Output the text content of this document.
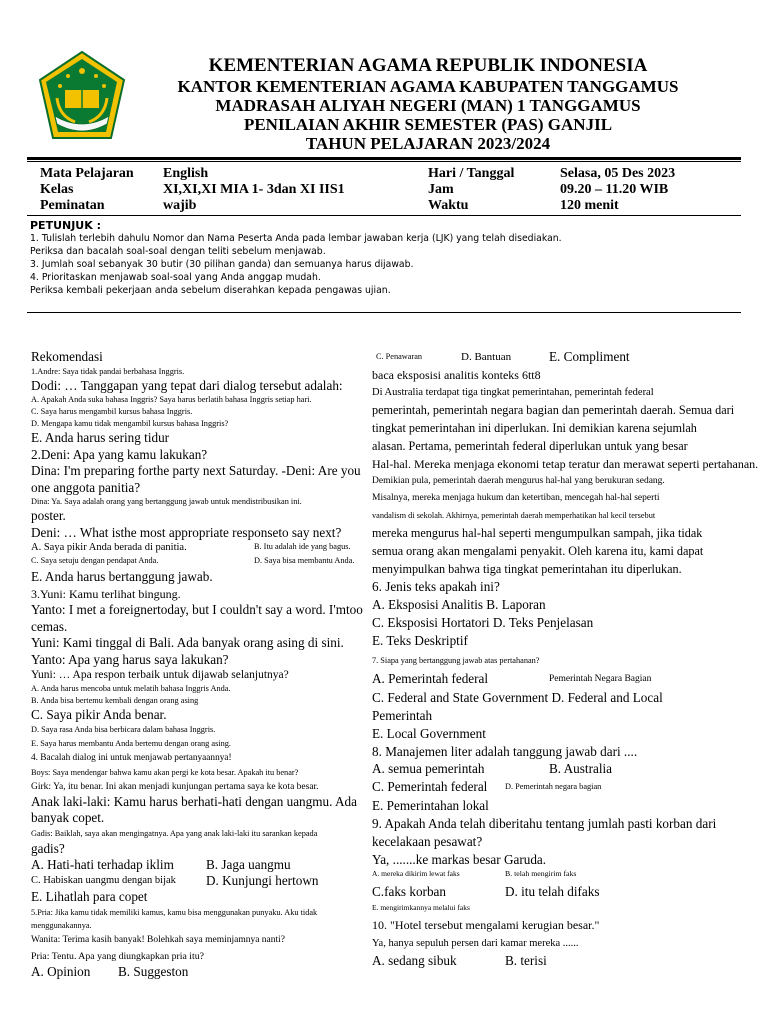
KEMENTERIAN AGAMA REPUBLIK INDONESIA
KANTOR KEMENTERIAN AGAMA KABUPATEN TANGGAMUS
MADRASAH ALIYAH NEGERI (MAN) 1 TANGGAMUS
PENILAIAN AKHIR SEMESTER (PAS) GANJIL
TAHUN PELAJARAN 2023/2024
Mata Pelajaran English	Hari / Tanggal	Selasa, 05 Des 2023
Kelas	XI,XI,XI MIA 1- 3dan XI IIS1	Jam	09.20 – 11.20 WIB
Peminatan	wajib	Waktu	120 menit
PETUNJUK :
1. Tulislah terlebih dahulu Nomor dan Nama Peserta Anda pada lembar jawaban kerja (LJK) yang telah disediakan.
Periksa dan bacalah soal-soal dengan teliti sebelum menjawab.
3. Jumlah soal sebanyak 30 butir (30 pilihan ganda) dan semuanya harus dijawab.
4. Prioritaskan menjawab soal-soal yang Anda anggap mudah.
Periksa kembali pekerjaan anda sebelum diserahkan kepada pengawas ujian.
Rekomendasi
1.Andre: Saya tidak pandai berbahasa Inggris.
Dodi: … Tanggapan yang tepat dari dialog tersebut adalah:
A. Apakah Anda suka bahasa Inggris? Saya harus berlatih bahasa Inggris setiap hari.
C. Saya harus mengambil kursus bahasa Inggris.
D. Mengapa kamu tidak mengambil kursus bahasa Inggris?
E. Anda harus sering tidur
2.Deni: Apa yang kamu lakukan?
Dina: I'm preparing forthe party next Saturday. -Deni: Are you one anggota panitia?
Dina: Ya. Saya adalah orang yang bertanggung jawab untuk mendistribusikan ini.
poster.
Deni: … What isthe most appropriate responseto say next?
A. Saya pikir Anda berada di panitia.	B. Itu adalah ide yang bagus.
C. Saya setuju dengan pendapat Anda.	D. Saya bisa membantu Anda.
E. Anda harus bertanggung jawab.
3.Yuni: Kamu terlihat bingung.
Yanto: I met a foreignertoday, but I couldn't say a word. I'mtoo cemas.
Yuni: Kami tinggal di Bali. Ada banyak orang asing di sini.
Yanto: Apa yang harus saya lakukan?
Yuni: … Apa respon terbaik untuk dijawab selanjutnya?
A. Anda harus mencoba untuk melatih bahasa Inggris Anda.
B. Anda bisa bertemu kembali dengan orang asing
C. Saya pikir Anda benar.
D. Saya rasa Anda bisa berbicara dalam bahasa Inggris.
E. Saya harus membantu Anda bertemu dengan orang asing.
4. Bacalah dialog ini untuk menjawab pertanyaannya!
Boys: Saya mendengar bahwa kamu akan pergi ke kota besar. Apakah itu benar?
Girk: Ya, itu benar. Ini akan menjadi kunjungan pertama saya ke kota besar.
Anak laki-laki: Kamu harus berhati-hati dengan uangmu. Ada banyak copet.
Gadis: Baiklah, saya akan mengingatnya. Apa yang anak laki-laki itu sarankan kepada
gadis?
A. Hati-hati terhadap iklim B. Jaga uangmu
C. Habiskan uangmu dengan bijak D. Kunjungi hertown
E. Lihatlah para copet
5.Pria: Jika kamu tidak memiliki kamus, kamu bisa menggunakan punyaku. Aku tidak menggunakannya.
Wanita: Terima kasih banyak! Bolehkah saya meminjamnya nanti?
Pria: Tentu. Apa yang diungkapkan pria itu?
A. Opinion B. Suggeston
C. Penawaran	D. Bantuan	E. Compliment
baca eksposisi analitis konteks 6tt8
Di Australia terdapat tiga tingkat pemerintahan, pemerintah federal
pemerintah, pemerintah negara bagian dan pemerintah daerah. Semua dari
tingkat pemerintahan ini diperlukan. Ini demikian karena sejumlah
alasan. Pertama, pemerintah federal diperlukan untuk yang besar
Hal-hal. Mereka menjaga ekonomi tetap teratur dan merawat seperti pertahanan.
Demikian pula, pemerintah daerah mengurus hal-hal yang berukuran sedang.
Misalnya, mereka menjaga hukum dan ketertiban, mencegah hal-hal seperti
vandalism di sekolah. Akhirnya, pemerintah daerah memperhatikan hal kecil tersebut
mereka mengurus hal-hal seperti mengumpulkan sampah, jika tidak
semua orang akan mengalami penyakit. Oleh karena itu, kami dapat
menyimpulkan bahwa tiga tingkat pemerintahan itu diperlukan.
6. Jenis teks apakah ini?
A. Eksposisi Analitis B. Laporan
C. Eksposisi Hortatori D. Teks Penjelasan
E. Teks Deskriptif
7. Siapa yang bertanggung jawab atas pertahanan?
A. Pemerintah federal	Pemerintah Negara Bagian
C. Federal and State Government D. Federal and Local
Pemerintah
E. Local Government
8. Manajemen liter adalah tanggung jawab dari ....
A. semua pemerintah	B. Australia
C. Pemerintah federal D. Pemerintah negara bagian
E. Pemerintahan lokal
9. Apakah Anda telah diberitahu tentang jumlah pasti korban dari
kecelakaan pesawat?
Ya, .......ke markas besar Garuda.
A. mereka dikirim lewat faks	B. telah mengirim faks
C.faks korban	D. itu telah difaks
E. mengirimkannya melalui faks
10. "Hotel tersebut mengalami kerugian besar."
Ya, hanya sepuluh persen dari kamar mereka ......
A. sedang sibuk	B. terisi
